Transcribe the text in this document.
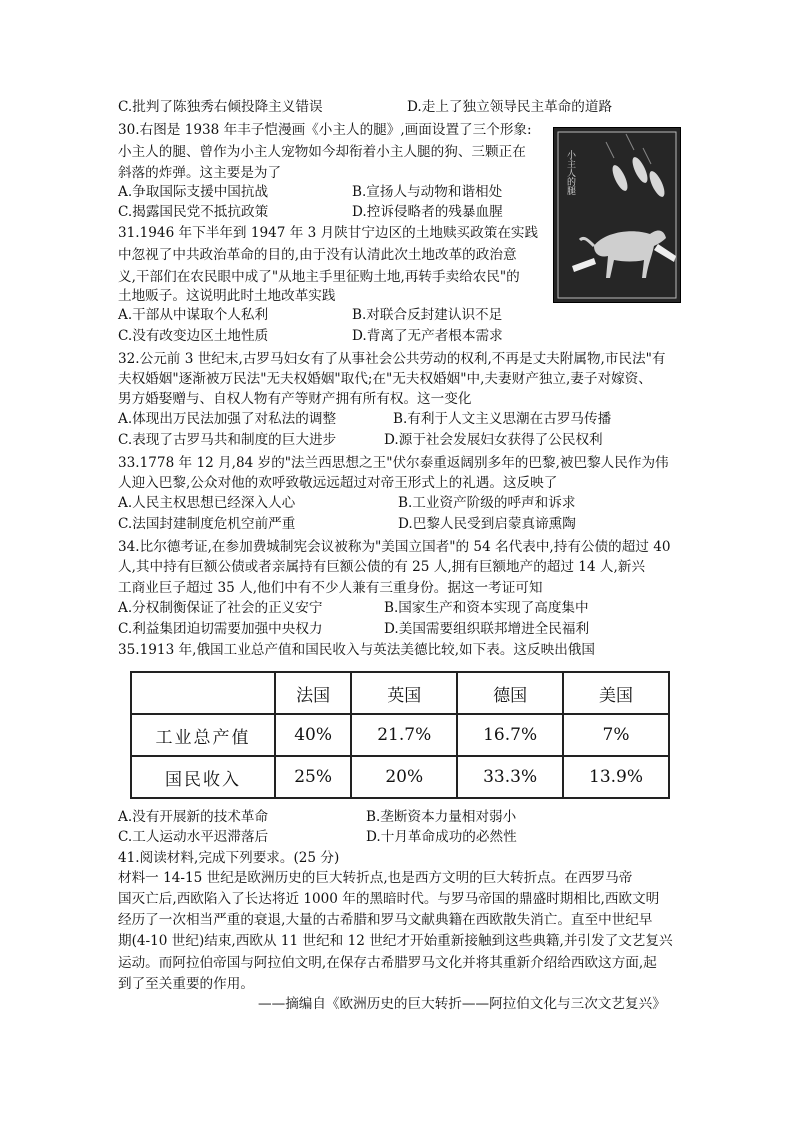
C.批判了陈独秀右倾投降主义错误	D.走上了独立领导民主革命的道路
30.右图是 1938 年丰子恺漫画《小主人的腿》,画面设置了三个形象:
小主人的腿、曾作为小主人宠物如今却衔着小主人腿的狗、三颗正在
斜落的炸弹。这主要是为了
A.争取国际支援中国抗战	B.宣扬人与动物和谐相处
C.揭露国民党不抵抗政策	D.控诉侵略者的残暴血腥
小主人的腿
31.1946 年下半年到 1947 年 3 月陕甘宁边区的土地赎买政策在实践
中忽视了中共政治革命的目的,由于没有认清此次土地改革的政治意
义,干部们在农民眼中成了"从地主手里征购土地,再转手卖给农民"的
土地贩子。这说明此时土地改革实践
A.干部从中谋取个人私利	B.对联合反封建认识不足
C.没有改变边区土地性质	D.背离了无产者根本需求
32.公元前 3 世纪末,古罗马妇女有了从事社会公共劳动的权利,不再是丈夫附属物,市民法"有
夫权婚姻"逐渐被万民法"无夫权婚姻"取代;在"无夫权婚姻"中,夫妻财产独立,妻子对嫁资、
男方婚娶赠与、自权人物有产等财产拥有所有权。这一变化
A.体现出万民法加强了对私法的调整	B.有利于人文主义思潮在古罗马传播
C.表现了古罗马共和制度的巨大进步	D.源于社会发展妇女获得了公民权利
33.1778 年 12 月,84 岁的"法兰西思想之王"伏尔泰重返阔别多年的巴黎,被巴黎人民作为伟
人迎入巴黎,公众对他的欢呼致敬远远超过对帝王形式上的礼遇。这反映了
A.人民主权思想已经深入人心	B.工业资产阶级的呼声和诉求
C.法国封建制度危机空前严重	D.巴黎人民受到启蒙真谛熏陶
34.比尔德考证,在参加费城制宪会议被称为"美国立国者"的 54 名代表中,持有公债的超过 40
人,其中持有巨额公债或者亲属持有巨额公债的有 25 人,拥有巨额地产的超过 14 人,新兴
工商业巨子超过 35 人,他们中有不少人兼有三重身份。据这一考证可知
A.分权制衡保证了社会的正义安宁	B.国家生产和资本实现了高度集中
C.利益集团迫切需要加强中央权力	D.美国需要组织联邦增进全民福利
35.1913 年,俄国工业总产值和国民收入与英法美德比较,如下表。这反映出俄国
	法国	英国	德国	美国
工业总产值	40%	21.7%	16.7%	7%
国民收入	25%	20%	33.3%	13.9%
A.没有开展新的技术革命	B.垄断资本力量相对弱小
C.工人运动水平迟滞落后	D.十月革命成功的必然性
41.阅读材料,完成下列要求。(25 分)
材料一 14-15 世纪是欧洲历史的巨大转折点,也是西方文明的巨大转折点。在西罗马帝
国灭亡后,西欧陷入了长达将近 1000 年的黑暗时代。与罗马帝国的鼎盛时期相比,西欧文明
经历了一次相当严重的衰退,大量的古希腊和罗马文献典籍在西欧散失消亡。直至中世纪早
期(4-10 世纪)结束,西欧从 11 世纪和 12 世纪才开始重新接触到这些典籍,并引发了文艺复兴
运动。而阿拉伯帝国与阿拉伯文明,在保存古希腊罗马文化并将其重新介绍给西欧这方面,起
到了至关重要的作用。
——摘编自《欧洲历史的巨大转折——阿拉伯文化与三次文艺复兴》
